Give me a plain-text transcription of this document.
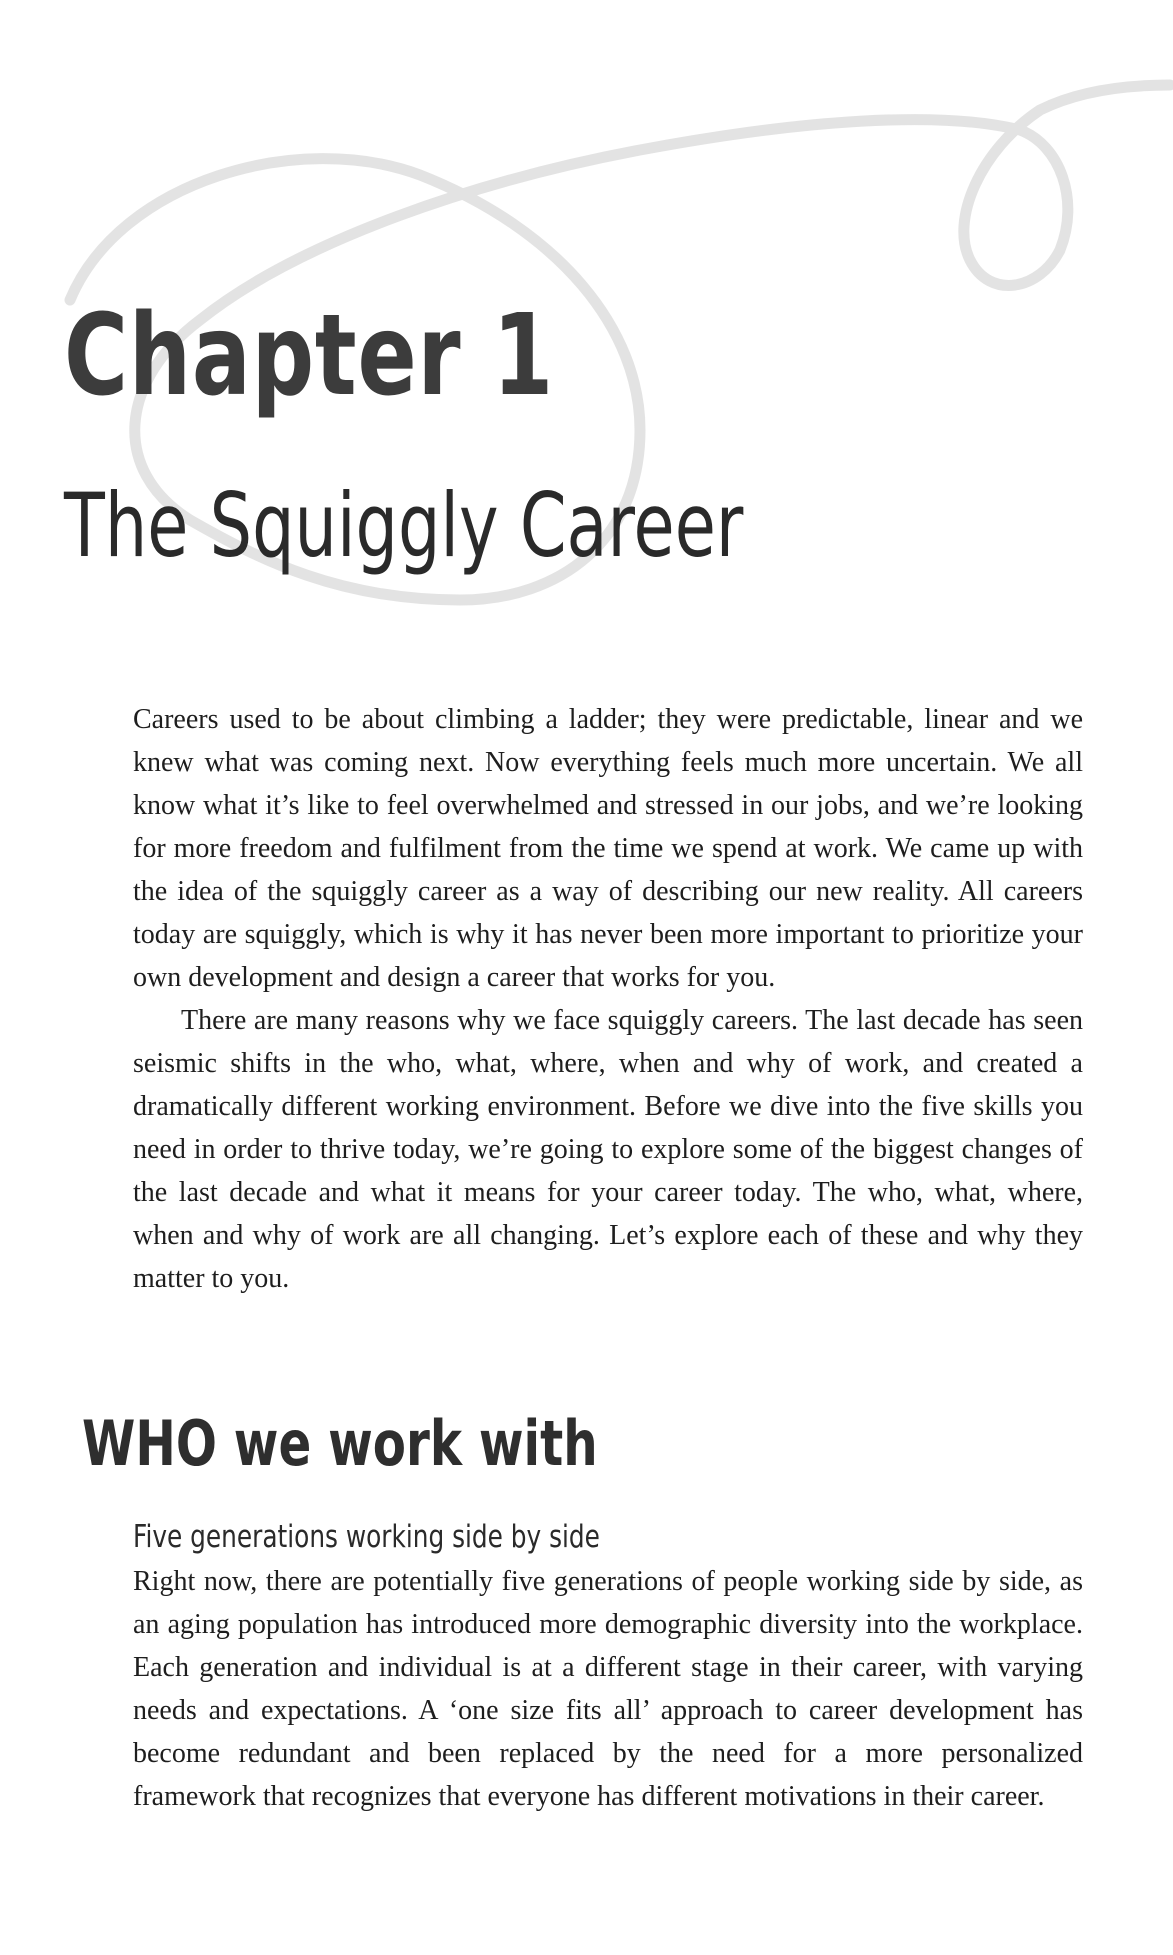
Chapter 1
The Squiggly Career

Careers used to be about climbing a ladder; they were predictable, linear and we knew what was coming next. Now everything feels much more uncertain. We all know what it’s like to feel overwhelmed and stressed in our jobs, and we’re looking for more freedom and fulfilment from the time we spend at work. We came up with the idea of the squiggly career as a way of describing our new reality. All careers today are squiggly, which is why it has never been more important to prioritize your own development and design a career that works for you.

There are many reasons why we face squiggly careers. The last decade has seen seismic shifts in the who, what, where, when and why of work, and created a dramatically different working environment. Before we dive into the five skills you need in order to thrive today, we’re going to explore some of the biggest changes of the last decade and what it means for your career today. The who, what, where, when and why of work are all changing. Let’s explore each of these and why they matter to you.

WHO we work with
Five generations working side by side

Right now, there are potentially five generations of people working side by side, as an aging population has introduced more demographic diversity into the workplace. Each generation and individual is at a different stage in their career, with varying needs and expectations. A ‘one size fits all’ approach to career development has become redundant and been replaced by the need for a more personalized framework that recognizes that everyone has different motivations in their career.
